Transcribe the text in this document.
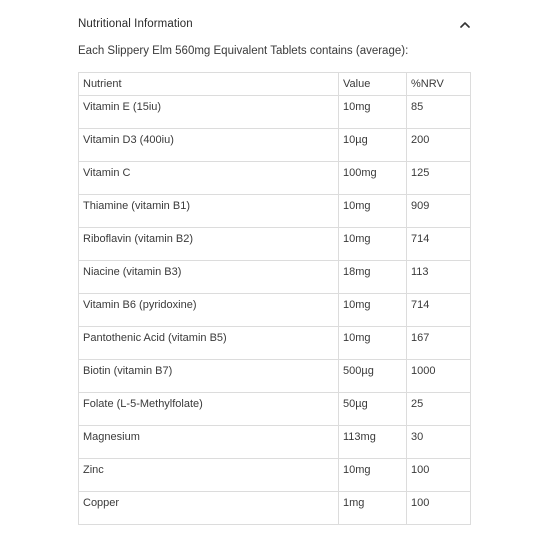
Nutritional Information
Each Slippery Elm 560mg Equivalent Tablets contains (average):
Nutrient	Value	%NRV
Vitamin E (15iu)	10mg	85
Vitamin D3 (400iu)	10µg	200
Vitamin C	100mg	125
Thiamine (vitamin B1)	10mg	909
Riboflavin (vitamin B2)	10mg	714
Niacine (vitamin B3)	18mg	113
Vitamin B6 (pyridoxine)	10mg	714
Pantothenic Acid (vitamin B5)	10mg	167
Biotin (vitamin B7)	500µg	1000
Folate (L-5-Methylfolate)	50µg	25
Magnesium	113mg	30
Zinc	10mg	100
Copper	1mg	100
